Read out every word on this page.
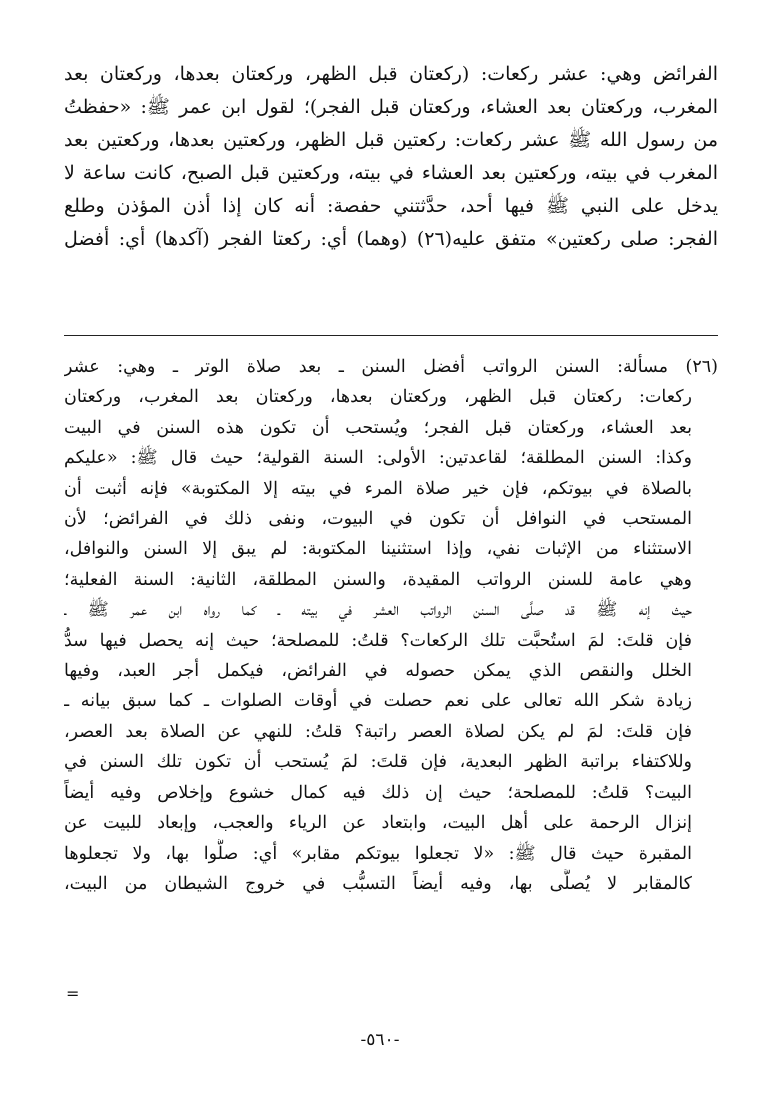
الفرائض وهي: عشر ركعات: (ركعتان قبل الظهر، وركعتان بعدها، وركعتان بعد
المغرب، وركعتان بعد العشاء، وركعتان قبل الفجر)؛ لقول ابن عمر ﷺ: «حفظتُ
من رسول الله ﷺ عشر ركعات: ركعتين قبل الظهر، وركعتين بعدها، وركعتين بعد
المغرب في بيته، وركعتين بعد العشاء في بيته، وركعتين قبل الصبح، كانت ساعة لا
يدخل على النبي ﷺ فيها أحد، حدَّثتني حفصة: أنه كان إذا أذن المؤذن وطلع
الفجر: صلى ركعتين» متفق عليه(٢٦) (وهما) أي: ركعتا الفجر (آكدها) أي: أفضل
(٢٦) مسألة: السنن الرواتب أفضل السنن ـ بعد صلاة الوتر ـ وهي: عشر
ركعات: ركعتان قبل الظهر، وركعتان بعدها، وركعتان بعد المغرب، وركعتان
بعد العشاء، وركعتان قبل الفجر؛ ويُستحب أن تكون هذه السنن في البيت
وكذا: السنن المطلقة؛ لقاعدتين: الأولى: السنة القولية؛ حيث قال ﷺ: «عليكم
بالصلاة في بيوتكم، فإن خير صلاة المرء في بيته إلا المكتوبة» فإنه أثبت أن
المستحب في النوافل أن تكون في البيوت، ونفى ذلك في الفرائض؛ لأن
الاستثناء من الإثبات نفي، وإذا استثنينا المكتوبة: لم يبق إلا السنن والنوافل،
وهي عامة للسنن الرواتب المقيدة، والسنن المطلقة، الثانية: السنة الفعلية؛
حيث إنه ﷺ قد صلَّى السنن الرواتب العشر في بيته ـ كما رواه ابن عمر ﷺ ـ
فإن قلتَ: لمَ استُحبَّت تلك الركعات؟ قلتُ: للمصلحة؛ حيث إنه يحصل فيها سدُّ
الخلل والنقص الذي يمكن حصوله في الفرائض، فيكمل أجر العبد، وفيها
زيادة شكر الله تعالى على نعم حصلت في أوقات الصلوات ـ كما سبق بيانه ـ
فإن قلتَ: لمَ لم يكن لصلاة العصر راتبة؟ قلتُ: للنهي عن الصلاة بعد العصر،
وللاكتفاء براتبة الظهر البعدية، فإن قلتَ: لمَ يُستحب أن تكون تلك السنن في
البيت؟ قلتُ: للمصلحة؛ حيث إن ذلك فيه كمال خشوع وإخلاص وفيه أيضاً
إنزال الرحمة على أهل البيت، وابتعاد عن الرياء والعجب، وإبعاد للبيت عن
المقبرة حيث قال ﷺ: «لا تجعلوا بيوتكم مقابر» أي: صلُّوا بها، ولا تجعلوها
كالمقابر لا يُصلَّى بها، وفيه أيضاً التسبُّب في خروج الشيطان من البيت،
=
-٥٦٠-
